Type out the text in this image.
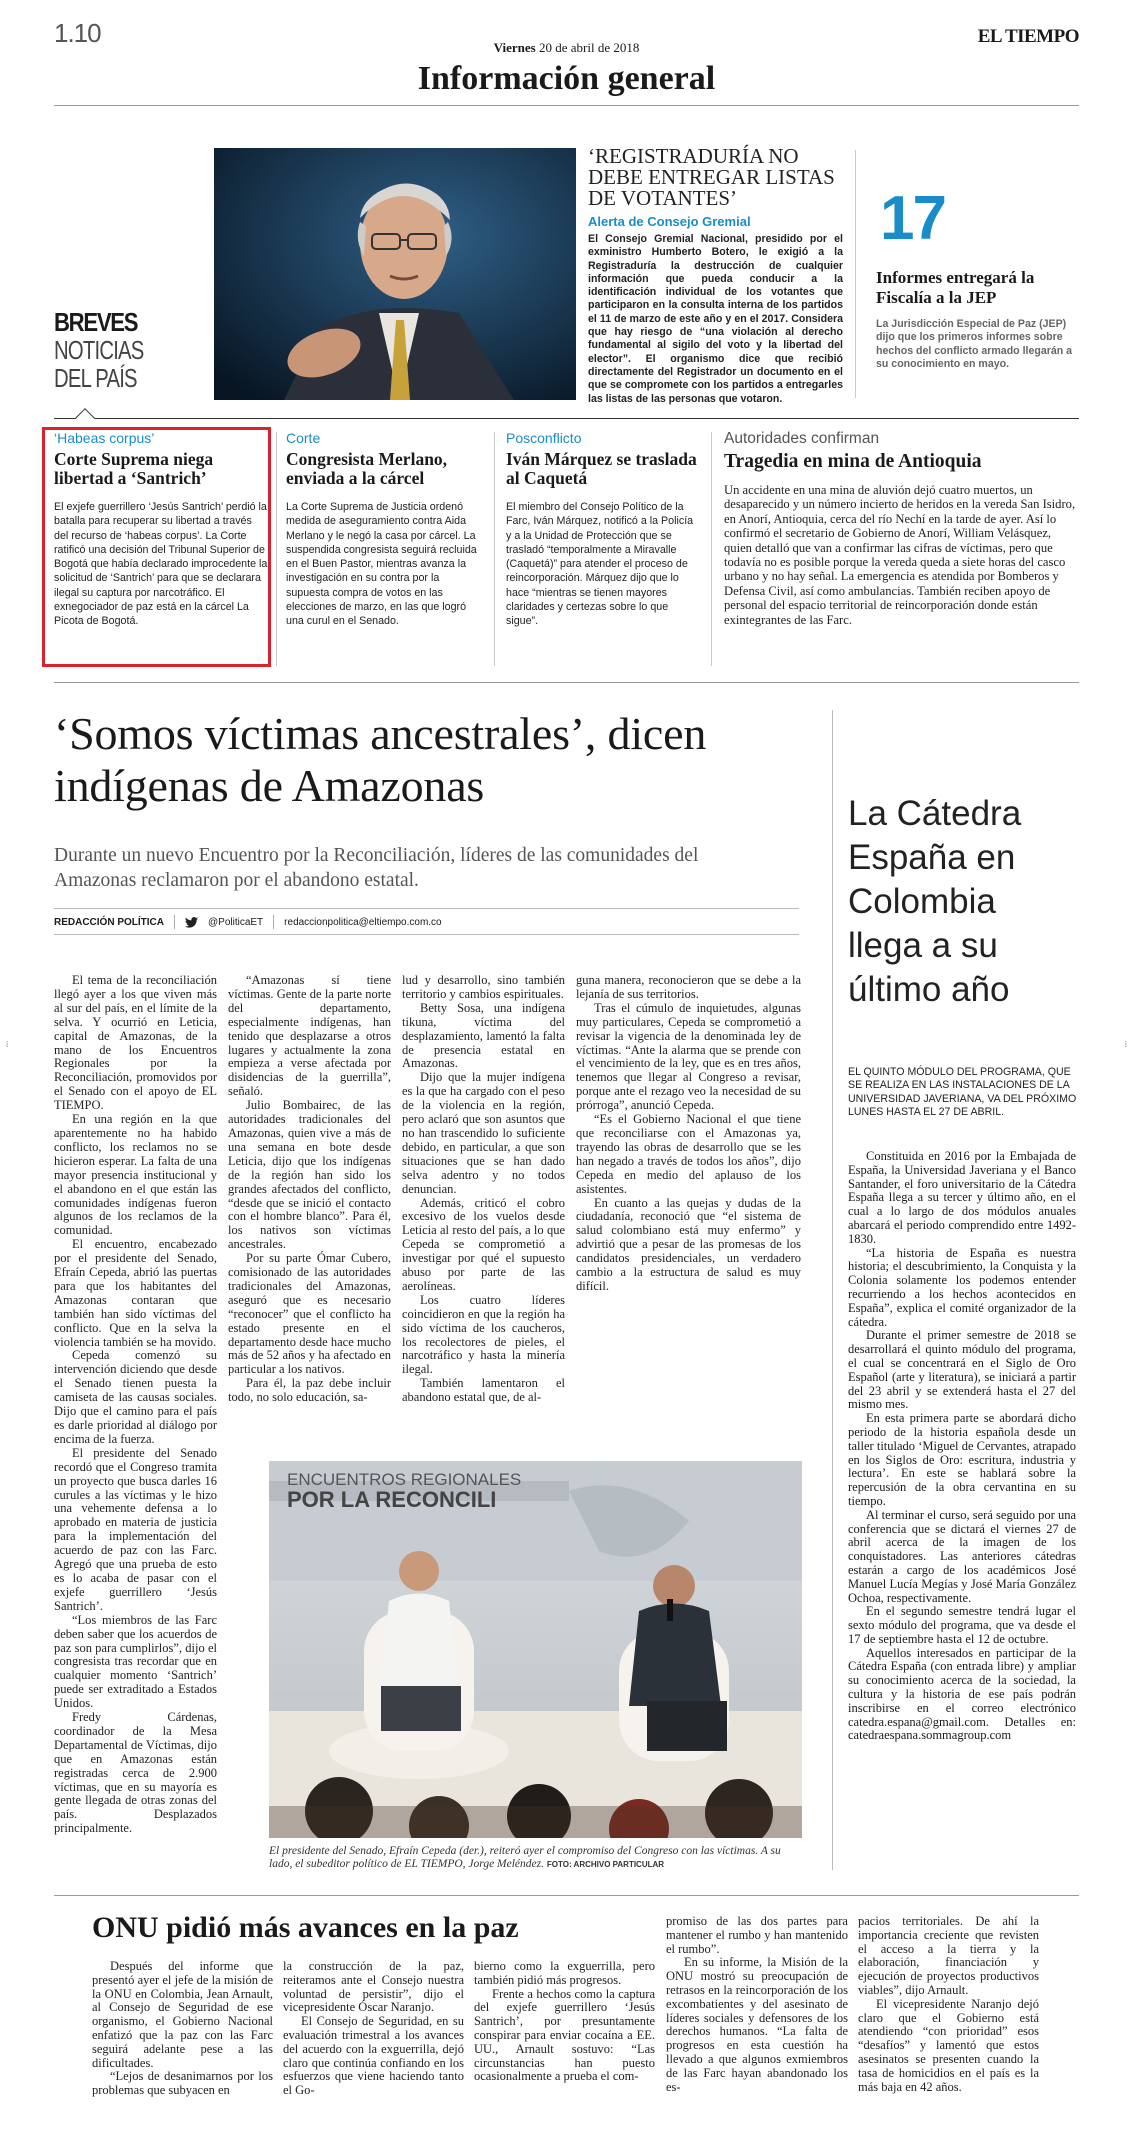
1.10	Viernes 20 de abril de 2018
EL TIEMPO
Información general
BREVES
NOTICIAS
DEL PAÍS
‘REGISTRADURÍA NO DEBE ENTREGAR LISTAS DE VOTANTES’
Alerta de Consejo Gremial
El Consejo Gremial Nacional, presidido por el exministro Humberto Botero, le exigió a la Registraduría la destrucción de cualquier información que pueda conducir a la identificación individual de los votantes que participaron en la consulta interna de los partidos el 11 de marzo de este año y en el 2017. Considera que hay riesgo de “una violación al derecho fundamental al sigilo del voto y la libertad del elector”. El organismo dice que recibió directamente del Registrador un documento en el que se compromete con los partidos a entregarles las listas de las personas que votaron.
17
Informes entregará la Fiscalía a la JEP
La Jurisdicción Especial de Paz (JEP) dijo que los primeros informes sobre hechos del conflicto armado llegarán a su conocimiento en mayo.
‘Habeas corpus’
Corte Suprema niega libertad a ‘Santrich’
El exjefe guerrillero ‘Jesús Santrich’ perdió la batalla para recuperar su libertad a través del recurso de ‘habeas corpus’. La Corte ratificó una decisión del Tribunal Superior de Bogotá que había declarado improcedente la solicitud de ‘Santrich’ para que se declarara ilegal su captura por narcotráfico. El exnegociador de paz está en la cárcel La Picota de Bogotá.
Corte
Congresista Merlano, enviada a la cárcel
La Corte Suprema de Justicia ordenó medida de aseguramiento contra Aida Merlano y le negó la casa por cárcel. La suspendida congresista seguirá recluida en el Buen Pastor, mientras avanza la investigación en su contra por la supuesta compra de votos en las elecciones de marzo, en las que logró una curul en el Senado.
Posconflicto
Iván Márquez se traslada al Caquetá
El miembro del Consejo Político de la Farc, Iván Márquez, notificó a la Policía y a la Unidad de Protección que se trasladó “temporalmente a Miravalle (Caquetá)” para atender el proceso de reincorporación. Márquez dijo que lo hace “mientras se tienen mayores claridades y certezas sobre lo que sigue”.
Autoridades confirman
Tragedia en mina de Antioquia
Un accidente en una mina de aluvión dejó cuatro muertos, un desaparecido y un número incierto de heridos en la vereda San Isidro, en Anorí, Antioquia, cerca del río Nechí en la tarde de ayer. Así lo confirmó el secretario de Gobierno de Anorí, William Velásquez, quien detalló que van a confirmar las cifras de víctimas, pero que todavía no es posible porque la vereda queda a siete horas del casco urbano y no hay señal. La emergencia es atendida por Bomberos y Defensa Civil, así como ambulancias. También reciben apoyo de personal del espacio territorial de reincorporación donde están exintegrantes de las Farc.
‘Somos víctimas ancestrales’, dicen indígenas de Amazonas
Durante un nuevo Encuentro por la Reconciliación, líderes de las comunidades del Amazonas reclamaron por el abandono estatal.
REDACCIÓN POLÍTICA	@PoliticaET redaccionpolitica@eltiempo.com.co

El tema de la reconciliación llegó ayer a los que viven más al sur del país, en el límite de la selva. Y ocurrió en Leticia, capital de Amazonas, de la mano de los Encuentros Regionales por la Reconciliación, promovidos por el Senado con el apoyo de EL TIEMPO.

En una región en la que aparentemente no ha habido conflicto, los reclamos no se hicieron esperar. La falta de una mayor presencia institucional y el abandono en el que están las comunidades indígenas fueron algunos de los reclamos de la comunidad.

El encuentro, encabezado por el presidente del Senado, Efraín Cepeda, abrió las puertas para que los habitantes del Amazonas contaran que también han sido víctimas del conflicto. Que en la selva la violencia también se ha movido.

Cepeda comenzó su intervención diciendo que desde el Senado tienen puesta la camiseta de las causas sociales. Dijo que el camino para el país es darle prioridad al diálogo por encima de la fuerza.

El presidente del Senado recordó que el Congreso tramita un proyecto que busca darles 16 curules a las víctimas y le hizo una vehemente defensa a lo aprobado en materia de justicia para la implementación del acuerdo de paz con las Farc. Agregó que una prueba de esto es lo acaba de pasar con el exjefe guerrillero ‘Jesús Santrich’.

“Los miembros de las Farc deben saber que los acuerdos de paz son para cumplirlos”, dijo el congresista tras recordar que en cualquier momento ‘Santrich’ puede ser extraditado a Estados Unidos.

Fredy Cárdenas, coordinador de la Mesa Departamental de Víctimas, dijo que en Amazonas están registradas cerca de 2.900 víctimas, que en su mayoría es gente llegada de otras zonas del país. Desplazados principalmente.

“Amazonas sí tiene víctimas. Gente de la parte norte del departamento, especialmente indígenas, han tenido que desplazarse a otros lugares y actualmente la zona empieza a verse afectada por disidencias de la guerrilla”, señaló.

Julio Bombairec, de las autoridades tradicionales del Amazonas, quien vive a más de una semana en bote desde Leticia, dijo que los indígenas de la región han sido los grandes afectados del conflicto, “desde que se inició el contacto con el hombre blanco”. Para él, los nativos son víctimas ancestrales.

Por su parte Ómar Cubero, comisionado de las autoridades tradicionales del Amazonas, aseguró que es necesario “reconocer” que el conflicto ha estado presente en el departamento desde hace mucho más de 52 años y ha afectado en particular a los nativos.

Para él, la paz debe incluir todo, no solo educación, sa-

lud y desarrollo, sino también territorio y cambios espirituales.

Betty Sosa, una indígena tikuna, víctima del desplazamiento, lamentó la falta de presencia estatal en Amazonas.

Dijo que la mujer indígena es la que ha cargado con el peso de la violencia en la región, pero aclaró que son asuntos que no han trascendido lo suficiente debido, en particular, a que son situaciones que se han dado selva adentro y no todos denuncian.

Además, criticó el cobro excesivo de los vuelos desde Leticia al resto del país, a lo que Cepeda se comprometió a investigar por qué el supuesto abuso por parte de las aerolíneas.

Los cuatro líderes coincidieron en que la región ha sido víctima de los caucheros, los recolectores de pieles, el narcotráfico y hasta la minería ilegal.

También lamentaron el abandono estatal que, de al-

guna manera, reconocieron que se debe a la lejanía de sus territorios.

Tras el cúmulo de inquietudes, algunas muy particulares, Cepeda se comprometió a revisar la vigencia de la denominada ley de víctimas. “Ante la alarma que se prende con el vencimiento de la ley, que es en tres años, tenemos que llegar al Congreso a revisar, porque ante el rezago veo la necesidad de su prórroga”, anunció Cepeda.

“Es el Gobierno Nacional el que tiene que reconciliarse con el Amazonas ya, trayendo las obras de desarrollo que se les han negado a través de todos los años”, dijo Cepeda en medio del aplauso de los asistentes.

En cuanto a las quejas y dudas de la ciudadanía, reconoció que “el sistema de salud colombiano está muy enfermo” y advirtió que a pesar de las promesas de los candidatos presidenciales, un verdadero cambio a la estructura de salud es muy difícil.

ENCUENTROS REGIONALES
POR LA RECONCILI
El presidente del Senado, Efraín Cepeda (der.), reiteró ayer el compromiso del Congreso con las víctimas. A su lado, el subeditor político de EL TIEMPO, Jorge Meléndez. FOTO: ARCHIVO PARTICULAR
La Cátedra España en Colombia llega a su último año
EL QUINTO MÓDULO DEL PROGRAMA, QUE SE REALIZA EN LAS INSTALACIONES DE LA UNIVERSIDAD JAVERIANA, VA DEL PRÓXIMO LUNES HASTA EL 27 DE ABRIL.

Constituida en 2016 por la Embajada de España, la Universidad Javeriana y el Banco Santander, el foro universitario de la Cátedra España llega a su tercer y último año, en el cual a lo largo de dos módulos anuales abarcará el periodo comprendido entre 1492-1830.

“La historia de España es nuestra historia; el descubrimiento, la Conquista y la Colonia solamente los podemos entender recurriendo a los hechos acontecidos en España”, explica el comité organizador de la cátedra.

Durante el primer semestre de 2018 se desarrollará el quinto módulo del programa, el cual se concentrará en el Siglo de Oro Español (arte y literatura), se iniciará a partir del 23 abril y se extenderá hasta el 27 del mismo mes.

En esta primera parte se abordará dicho periodo de la historia española desde un taller titulado ‘Miguel de Cervantes, atrapado en los Siglos de Oro: escritura, industria y lectura’. En este se hablará sobre la repercusión de la obra cervantina en su tiempo.

Al terminar el curso, será seguido por una conferencia que se dictará el viernes 27 de abril acerca de la imagen de los conquistadores. Las anteriores cátedras estarán a cargo de los académicos José Manuel Lucía Megías y José María González Ochoa, respectivamente.

En el segundo semestre tendrá lugar el sexto módulo del programa, que va desde el 17 de septiembre hasta el 12 de octubre.

Aquellos interesados en participar de la Cátedra España (con entrada libre) y ampliar su conocimiento acerca de la sociedad, la cultura y la historia de ese país podrán inscribirse en el correo electrónico catedra.espana@gmail.com. Detalles en: catedraespana.sommagroup.com

ONU pidió más avances en la paz

Después del informe que presentó ayer el jefe de la misión de la ONU en Colombia, Jean Arnault, al Consejo de Seguridad de ese organismo, el Gobierno Nacional enfatizó que la paz con las Farc seguirá adelante pese a las dificultades.

“Lejos de desanimarnos por los problemas que subyacen en

la construcción de la paz, reiteramos ante el Consejo nuestra voluntad de persistir”, dijo el vicepresidente Óscar Naranjo.

El Consejo de Seguridad, en su evaluación trimestral a los avances del acuerdo con la exguerrilla, dejó claro que continúa confiando en los esfuerzos que viene haciendo tanto el Go-

bierno como la exguerrilla, pero también pidió más progresos.

Frente a hechos como la captura del exjefe guerrillero ‘Jesús Santrich’, por presuntamente conspirar para enviar cocaína a EE. UU., Arnault sostuvo: “Las circunstancias han puesto ocasionalmente a prueba el com-

promiso de las dos partes para mantener el rumbo y han mantenido el rumbo”.

En su informe, la Misión de la ONU mostró su preocupación de retrasos en la reincorporación de los excombatientes y del asesinato de líderes sociales y defensores de los derechos humanos. “La falta de progresos en esta cuestión ha llevado a que algunos exmiembros de las Farc hayan abandonado los es-

pacios territoriales. De ahí la importancia creciente que revisten el acceso a la tierra y la elaboración, financiación y ejecución de proyectos productivos viables”, dijo Arnault.

El vicepresidente Naranjo dejó claro que el Gobierno está atendiendo “con prioridad” esos “desafíos” y lamentó que estos asesinatos se presenten cuando la tasa de homicidios en el país es la más baja en 42 años.

⁞	⁞
